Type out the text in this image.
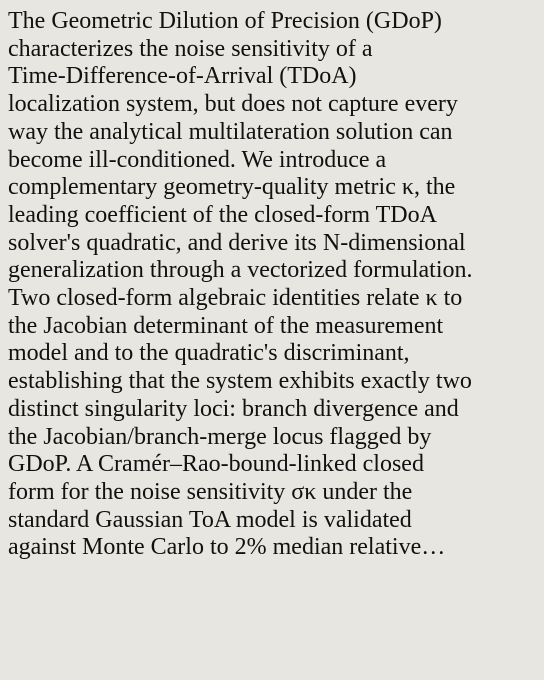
The Geometric Dilution of Precision (GDoP)
characterizes the noise sensitivity of a
Time-Difference-of-Arrival (TDoA)
localization system, but does not capture every
way the analytical multilateration solution can
become ill-conditioned. We introduce a
complementary geometry-quality metric κ, the
leading coefficient of the closed-form TDoA
solver's quadratic, and derive its N-dimensional
generalization through a vectorized formulation.
Two closed-form algebraic identities relate κ to
the Jacobian determinant of the measurement
model and to the quadratic's discriminant,
establishing that the system exhibits exactly two
distinct singularity loci: branch divergence and
the Jacobian/branch-merge locus flagged by
GDoP. A Cramér–Rao-bound-linked closed
form for the noise sensitivity σκ under the
standard Gaussian ToA model is validated
against Monte Carlo to 2% median relative…
